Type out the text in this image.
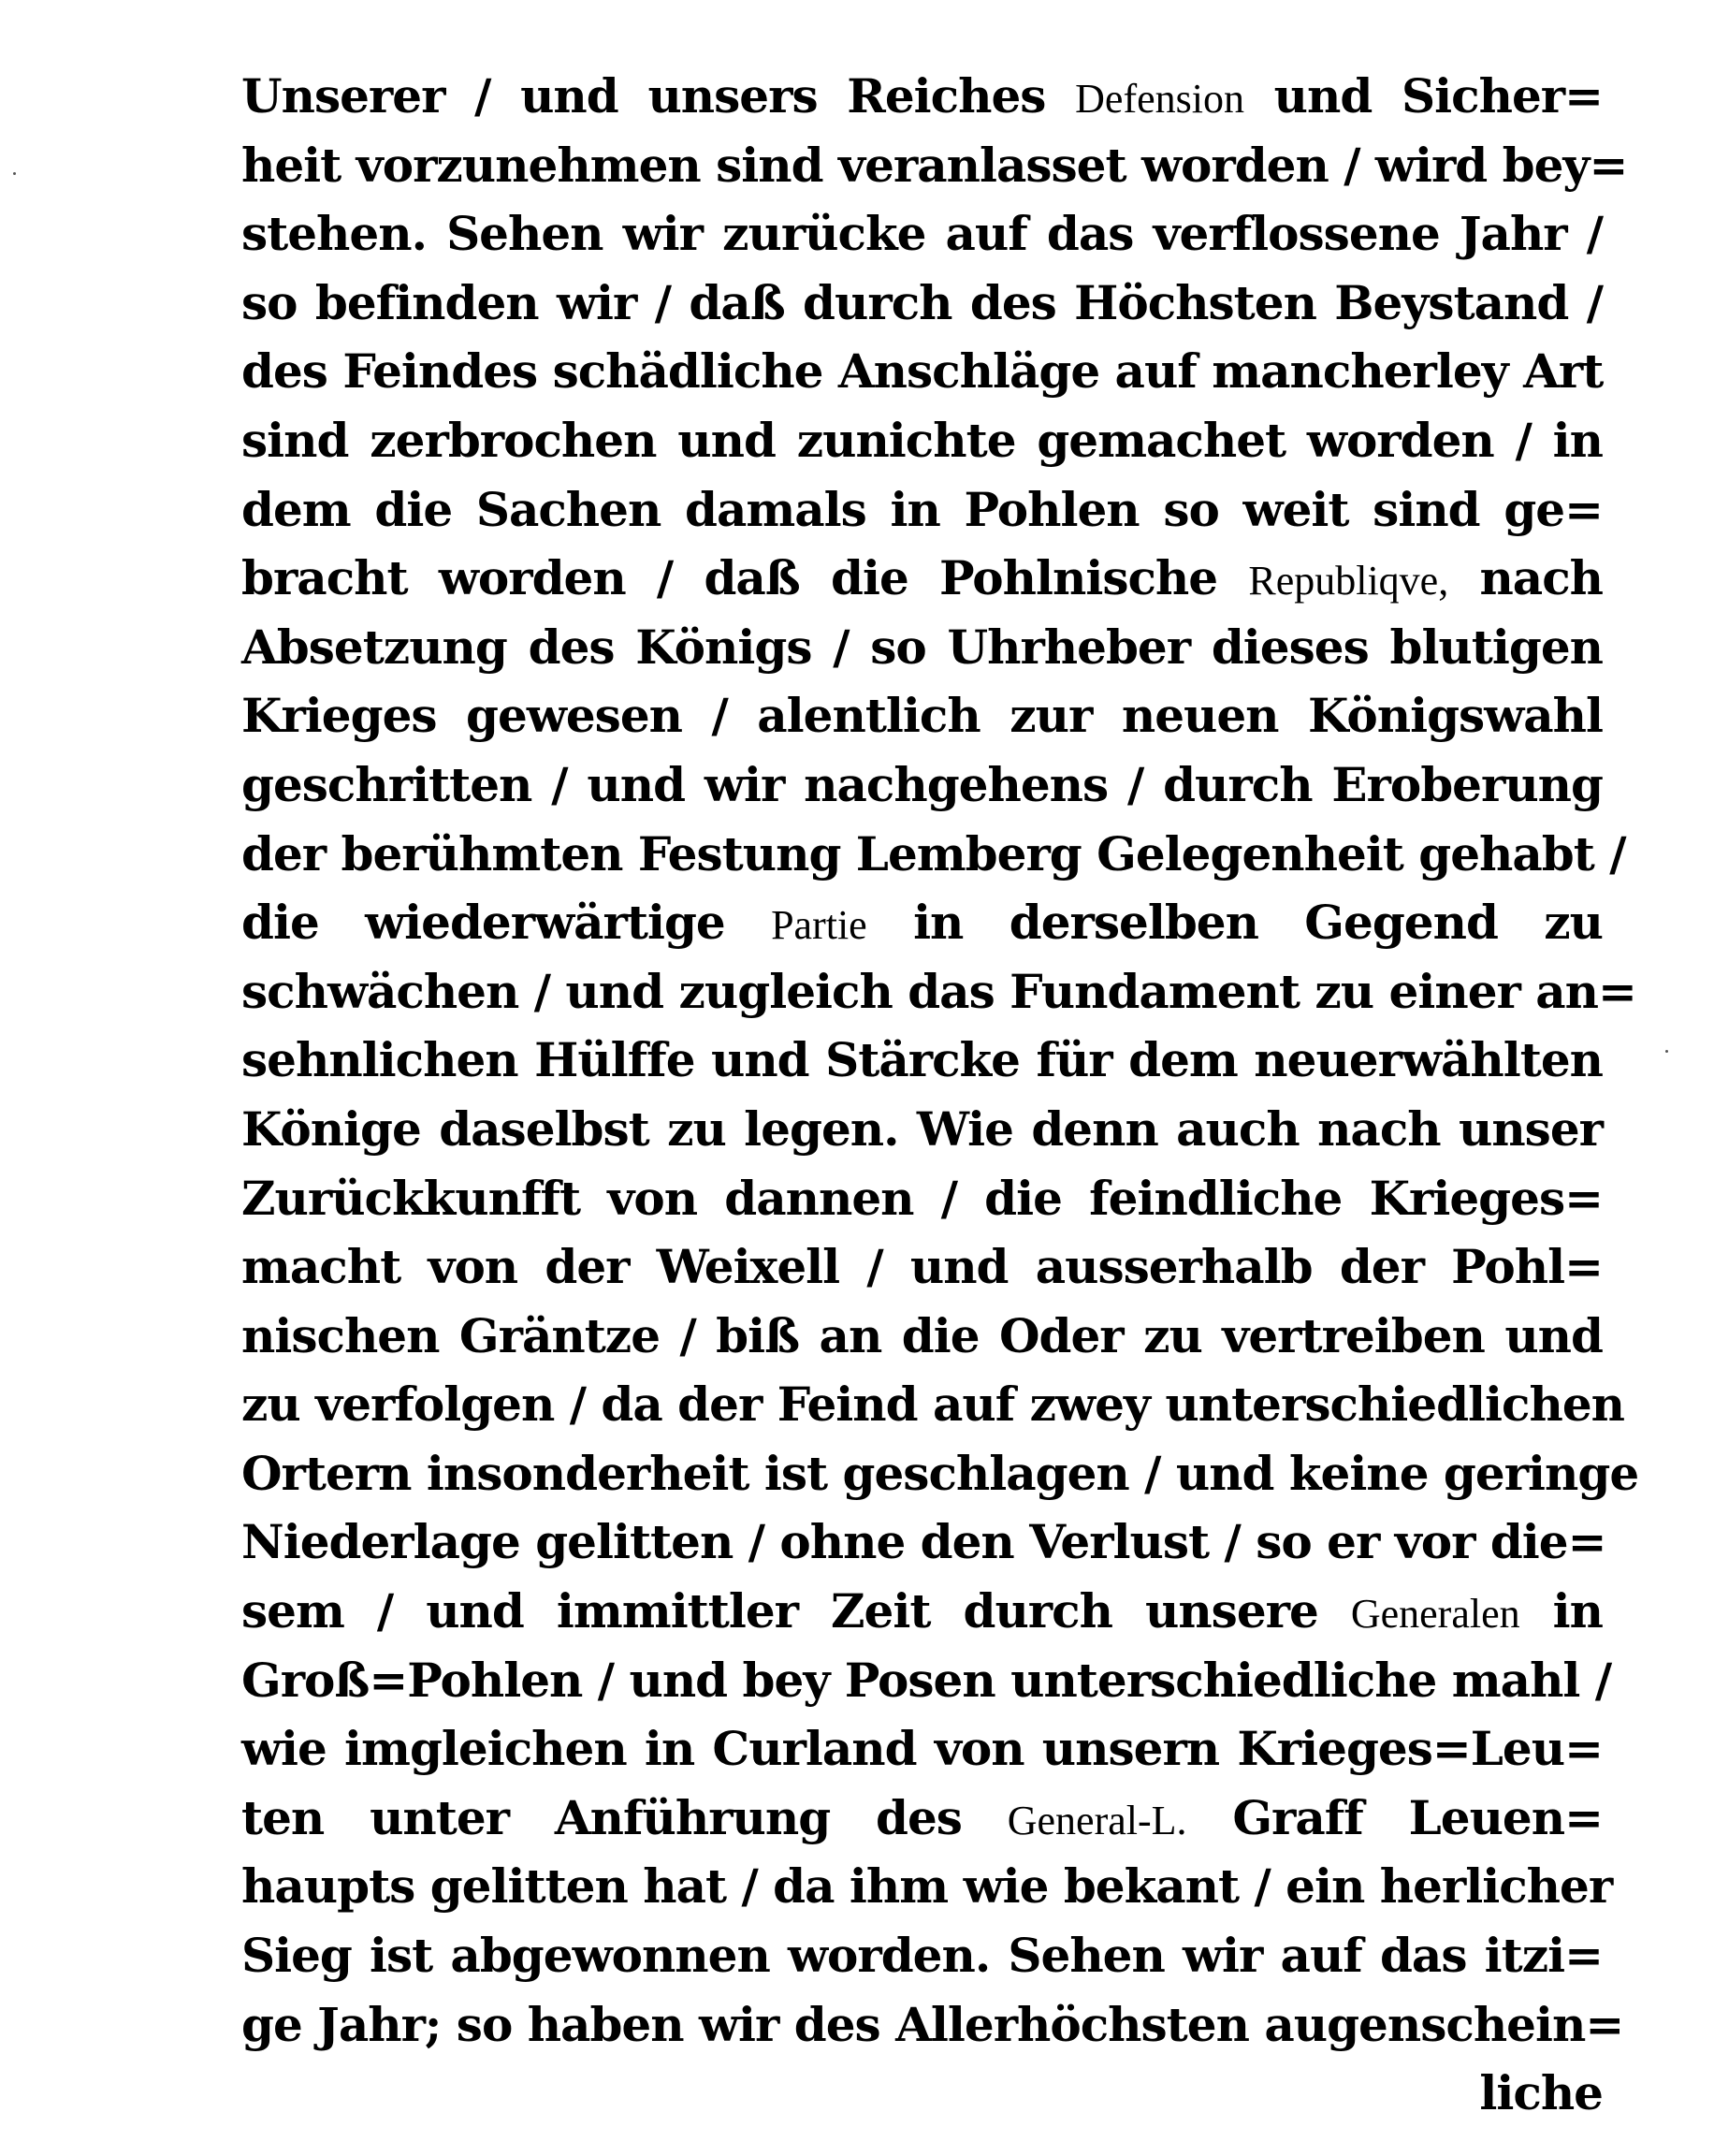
Unserer / und unsers Reiches Defension und Sicher=
heit vorzunehmen sind veranlasset worden / wird bey=
stehen. Sehen wir zurücke auf das verflossene Jahr /
so befinden wir / daß durch des Höchsten Beystand /
des Feindes schädliche Anschläge auf mancherley Art
sind zerbrochen und zunichte gemachet worden / in
dem die Sachen damals in Pohlen so weit sind ge=
bracht worden / daß die Pohlnische Republiqve, nach
Absetzung des Königs / so Uhrheber dieses blutigen
Krieges gewesen / alentlich zur neuen Königswahl
geschritten / und wir nachgehens / durch Eroberung
der berühmten Festung Lemberg Gelegenheit gehabt /
die wiederwärtige Partie in derselben Gegend zu
schwächen / und zugleich das Fundament zu einer an=
sehnlichen Hülffe und Stärcke für dem neuerwählten
Könige daselbst zu legen. Wie denn auch nach unser
Zurückkunfft von dannen / die feindliche Krieges=
macht von der Weixell / und ausserhalb der Pohl=
nischen Gräntze / biß an die Oder zu vertreiben und
zu verfolgen / da der Feind auf zwey unterschiedlichen
Ortern insonderheit ist geschlagen / und keine geringe
Niederlage gelitten / ohne den Verlust / so er vor die=
sem / und immittler Zeit durch unsere Generalen in
Groß=Pohlen / und bey Posen unterschiedliche mahl /
wie imgleichen in Curland von unsern Krieges=Leu=
ten unter Anführung des General-L. Graff Leuen=
haupts gelitten hat / da ihm wie bekant / ein herlicher
Sieg ist abgewonnen worden. Sehen wir auf das itzi=
ge Jahr; so haben wir des Allerhöchsten augenschein=
liche
